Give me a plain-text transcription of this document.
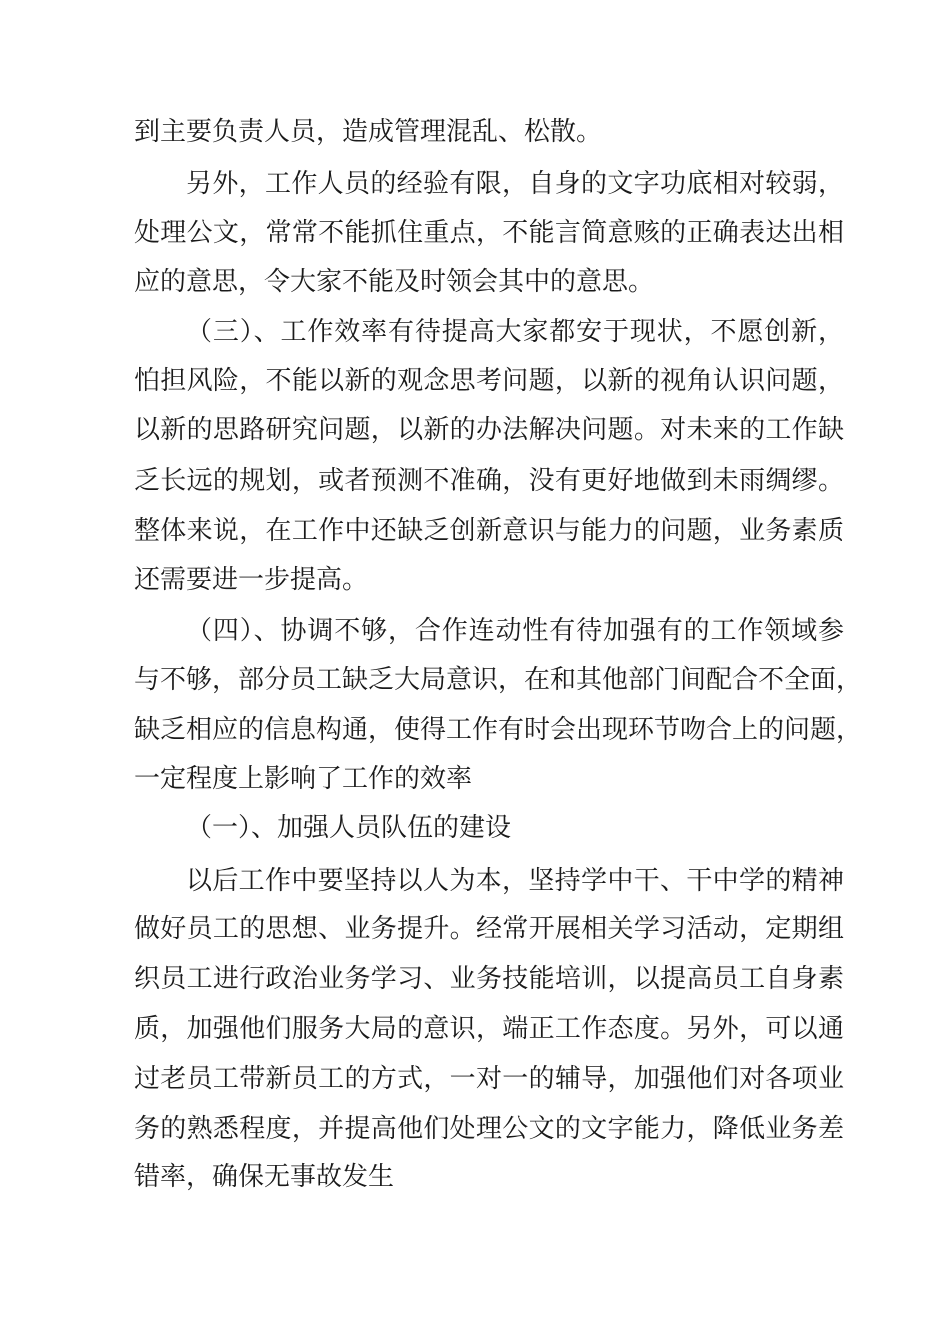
到主要负责人员，造成管理混乱、松散。
另外，工作人员的经验有限，自身的文字功底相对较弱，
处理公文，常常不能抓住重点，不能言简意赅的正确表达出相
应的意思，令大家不能及时领会其中的意思。
（三）、工作效率有待提高大家都安于现状，不愿创新，
怕担风险，不能以新的观念思考问题，以新的视角认识问题，
以新的思路研究问题，以新的办法解决问题。对未来的工作缺
乏长远的规划，或者预测不准确，没有更好地做到未雨绸缪。
整体来说，在工作中还缺乏创新意识与能力的问题，业务素质
还需要进一步提高。
（四）、协调不够，合作连动性有待加强有的工作领域参
与不够，部分员工缺乏大局意识，在和其他部门间配合不全面，
缺乏相应的信息构通，使得工作有时会出现环节吻合上的问题，
一定程度上影响了工作的效率
（一）、加强人员队伍的建设
以后工作中要坚持以人为本，坚持学中干、干中学的精神
做好员工的思想、业务提升。经常开展相关学习活动，定期组
织员工进行政治业务学习、业务技能培训，以提高员工自身素
质，加强他们服务大局的意识，端正工作态度。另外，可以通
过老员工带新员工的方式，一对一的辅导，加强他们对各项业
务的熟悉程度，并提高他们处理公文的文字能力，降低业务差
错率，确保无事故发生
